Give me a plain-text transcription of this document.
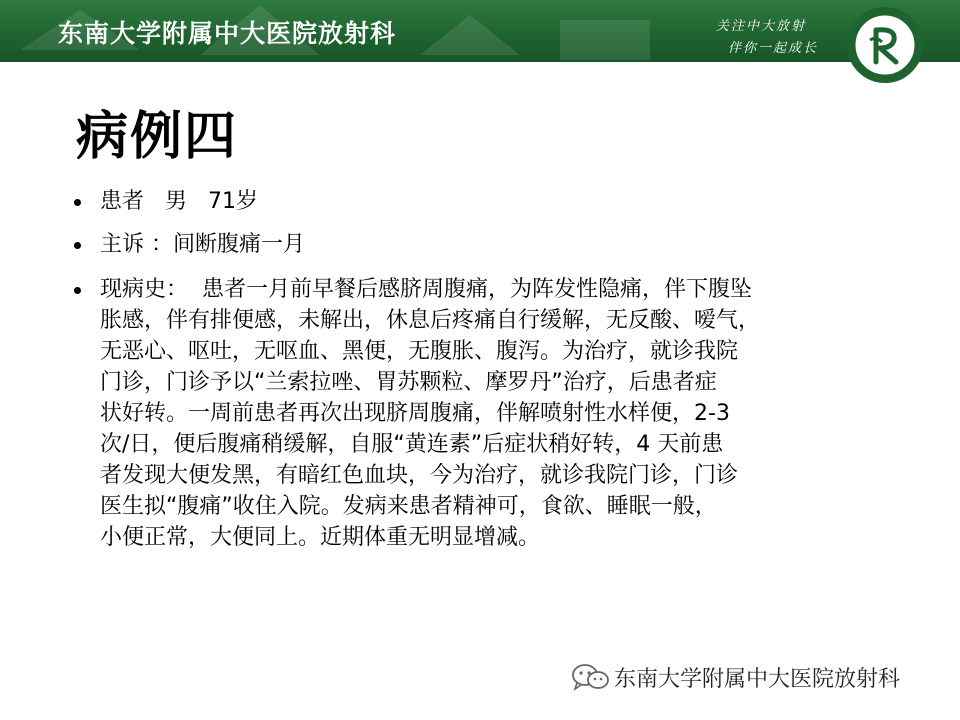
东南大学附属中大医院放射科	关注中大放射
伴你一起成长
病例四
患者   男   71岁
主诉 ：间断腹痛一月
现病史：  患者一月前早餐后感脐周腹痛，为阵发性隐痛，伴下腹坠
胀感，伴有排便感，未解出，休息后疼痛自行缓解，无反酸、嗳气，
无恶心、呕吐，无呕血、黑便，无腹胀、腹泻。为治疗，就诊我院
门诊，门诊予以“兰索拉唑、胃苏颗粒、摩罗丹”治疗，后患者症
状好转。一周前患者再次出现脐周腹痛，伴解喷射性水样便，2-3
次/日，便后腹痛稍缓解，自服“黄连素”后症状稍好转，4 天前患
者发现大便发黑，有暗红色血块，今为治疗，就诊我院门诊，门诊
医生拟“腹痛”收住入院。发病来患者精神可，食欲、睡眠一般，
小便正常，大便同上。近期体重无明显增减。
东南大学附属中大医院放射科
